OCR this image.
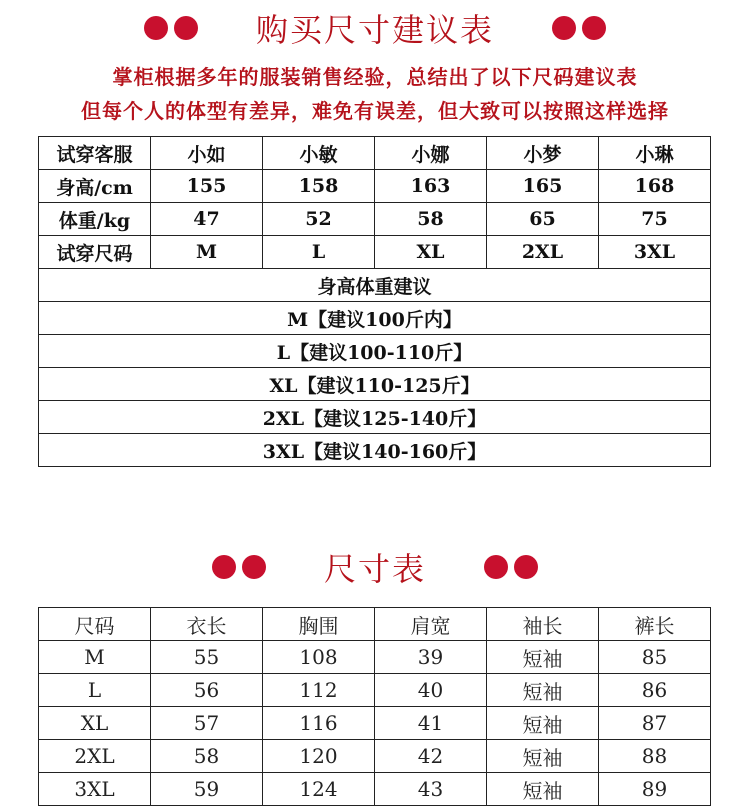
购买尺寸建议表
掌柜根据多年的服装销售经验，总结出了以下尺码建议表
但每个人的体型有差异，难免有误差，但大致可以按照这样选择
试穿客服	小如	小敏	小娜	小梦	小琳
身高/cm	155	158	163	165	168
体重/kg	47	52	58	65	75
试穿尺码	M	L	XL	2XL	3XL
身高体重建议					
M【建议100斤内】					
L【建议100-110斤】					
XL【建议110-125斤】					
2XL【建议125-140斤】					
3XL【建议140-160斤】					
尺寸表
尺码	衣长	胸围	肩宽	袖长	裤长
M	55	108	39	短袖	85
L	56	112	40	短袖	86
XL	57	116	41	短袖	87
2XL	58	120	42	短袖	88
3XL	59	124	43	短袖	89
